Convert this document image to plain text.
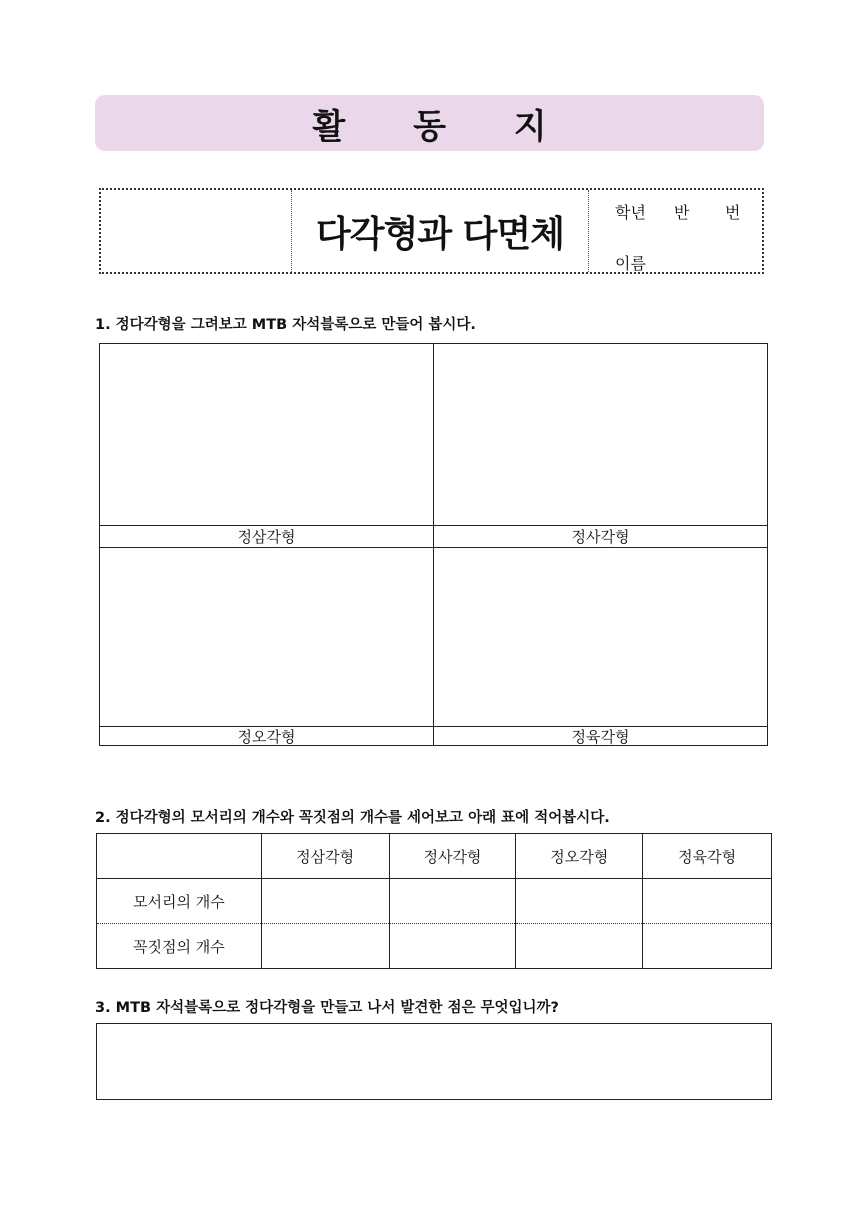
활 동 지
다각형과 다면체
학년 반 번
이름
1. 정다각형을 그려보고 MTB 자석블록으로 만들어 봅시다.
정삼각형	정사각형
정오각형	정육각형
2. 정다각형의 모서리의 개수와 꼭짓점의 개수를 세어보고 아래 표에 적어봅시다.
	정삼각형	정사각형	정오각형	정육각형
모서리의 개수				
꼭짓점의 개수				
3. MTB 자석블록으로 정다각형을 만들고 나서 발견한 점은 무엇입니까?
